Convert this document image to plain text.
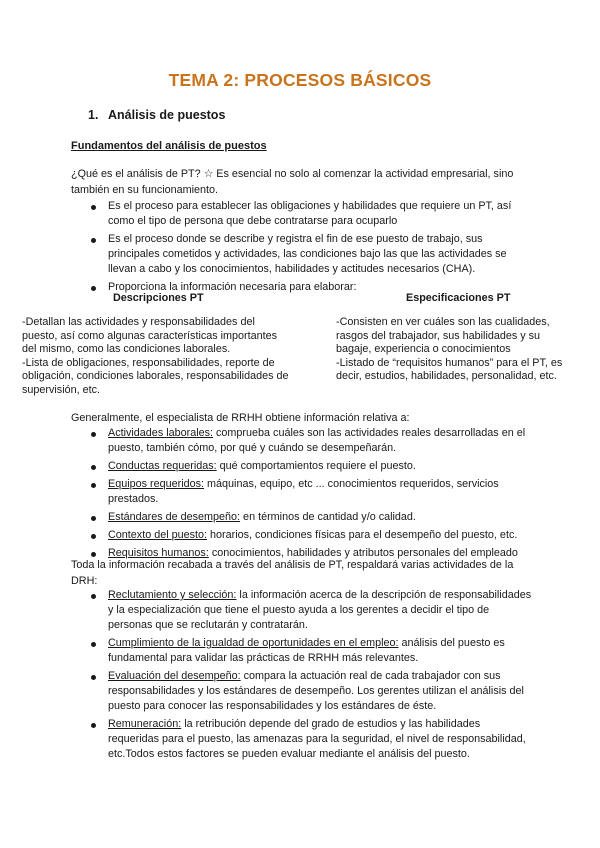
TEMA 2: PROCESOS BÁSICOS
1. Análisis de puestos
Fundamentos del análisis de puestos
¿Qué es el análisis de PT? ☆ Es esencial no solo al comenzar la actividad empresarial, sino también en su funcionamiento.
Es el proceso para establecer las obligaciones y habilidades que requiere un PT, así como el tipo de persona que debe contratarse para ocuparlo
Es el proceso donde se describe y registra el fin de ese puesto de trabajo, sus principales cometidos y actividades, las condiciones bajo las que las actividades se llevan a cabo y los conocimientos, habilidades y actitudes necesarios (CHA).
Proporciona la información necesaria para elaborar:
Descripciones PT	Especificaciones PT

-Detallan las actividades y responsabilidades del puesto, así como algunas características importantes del mismo, como las condiciones laborales.

-Lista de obligaciones, responsabilidades, reporte de obligación, condiciones laborales, responsabilidades de supervisión, etc.

-Consisten en ver cuáles son las cualidades, rasgos del trabajador, sus habilidades y su bagaje, experiencia o conocimientos

-Listado de “requisitos humanos” para el PT, es decir, estudios, habilidades, personalidad, etc.

Generalmente, el especialista de RRHH obtiene información relativa a:
Actividades laborales: comprueba cuáles son las actividades reales desarrolladas en el puesto, también cómo, por qué y cuándo se desempeñarán.
Conductas requeridas: qué comportamientos requiere el puesto.
Equipos requeridos: máquinas, equipo, etc ... conocimientos requeridos, servicios prestados.
Estándares de desempeño: en términos de cantidad y/o calidad.
Contexto del puesto: horarios, condiciones físicas para el desempeño del puesto, etc.
Requisitos humanos: conocimientos, habilidades y atributos personales del empleado
Toda la información recabada a través del análisis de PT, respaldará varias actividades de la DRH:
Reclutamiento y selección: la información acerca de la descripción de responsabilidades y la especialización que tiene el puesto ayuda a los gerentes a decidir el tipo de personas que se reclutarán y contratarán.
Cumplimiento de la igualdad de oportunidades en el empleo: análisis del puesto es fundamental para validar las prácticas de RRHH más relevantes.
Evaluación del desempeño: compara la actuación real de cada trabajador con sus responsabilidades y los estándares de desempeño. Los gerentes utilizan el análisis del puesto para conocer las responsabilidades y los estándares de éste.
Remuneración: la retribución depende del grado de estudios y las habilidades requeridas para el puesto, las amenazas para la seguridad, el nivel de responsabilidad, etc.Todos estos factores se pueden evaluar mediante el análisis del puesto.
